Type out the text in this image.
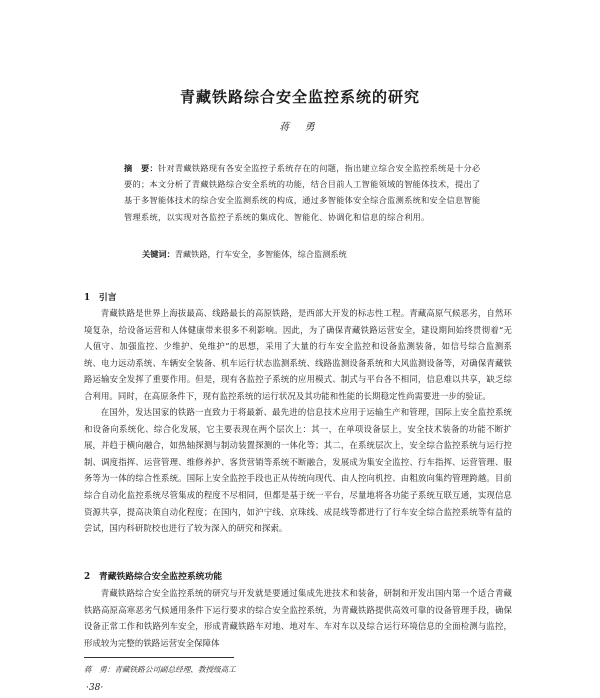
青藏铁路综合安全监控系统的研究
蒋 勇
摘　要：针对青藏铁路现有各安全监控子系统存在的问题，指出建立综合安全监控系统是十分必要的；本文分析了青藏铁路综合安全系统的功能，结合目前人工智能领域的智能体技术，提出了基于多智能体技术的综合安全监测系统的构成，通过多智能体安全综合监测系统和安全信息智能管理系统，以实现对各监控子系统的集成化、智能化、协调化和信息的综合利用。
关键词：青藏铁路，行车安全，多智能体，综合监测系统
1　引言
青藏铁路是世界上海拔最高、线路最长的高原铁路，是西部大开发的标志性工程。青藏高原气候恶劣，自然环境复杂，给设备运营和人体健康带来很多不利影响。因此，为了确保青藏铁路运营安全，建设期间始终贯彻着“无人值守、加强监控、少维护、免维护”的思想，采用了大量的行车安全监控和设备监测装备，如信号综合监测系统、电力远动系统、车辆安全装备、机车运行状态监测系统、线路监测设备系统和大风监测设备等，对确保青藏铁路运输安全发挥了重要作用。但是，现有各监控子系统的应用模式、制式与平台各不相同，信息难以共享，缺乏综合利用。同时，在高原条件下，现有监控系统的运行状况及其功能和性能的长期稳定性尚需要进一步的验证。
在国外，发达国家的铁路一直致力于将最新、最先进的信息技术应用于运输生产和管理，国际上安全监控系统和设备向系统化、综合化发展，它主要表现在两个层次上：其一，在单项设备层上，安全技术装备的功能不断扩展，并趋于横向融合，如热轴探测与制动装置探测的一体化等；其二，在系统层次上，安全综合监控系统与运行控制、调度指挥、运营管理、维修养护、客货营销等系统不断融合，发展成为集安全监控、行车指挥、运营管理、服务等为一体的综合性系统。国际上安全监控手段也正从传统向现代、由人控向机控、由粗放向集约管理跨越。目前综合自动化监控系统尽管集成的程度不尽相同，但都是基于统一平台，尽量地将各功能子系统互联互通，实现信息资源共享，提高决策自动化程度；在国内，如沪宁线、京珠线、成昆线等都进行了行车安全综合监控系统等有益的尝试，国内科研院校也进行了较为深入的研究和探索。
2　青藏铁路综合安全监控系统功能
青藏铁路综合安全监控系统的研究与开发就是要通过集成先进技术和装备，研制和开发出国内第一个适合青藏铁路高原高寒恶劣气候通用条件下运行要求的综合安全监控系统，为青藏铁路提供高效可靠的设备管理手段，确保设备正常工作和铁路列车安全，形成青藏铁路车对地、地对车、车对车以及综合运行环境信息的全面检测与监控，形成较为完整的铁路运营安全保障体
蒋　勇：青藏铁路公司副总经理、教授级高工
·38·
